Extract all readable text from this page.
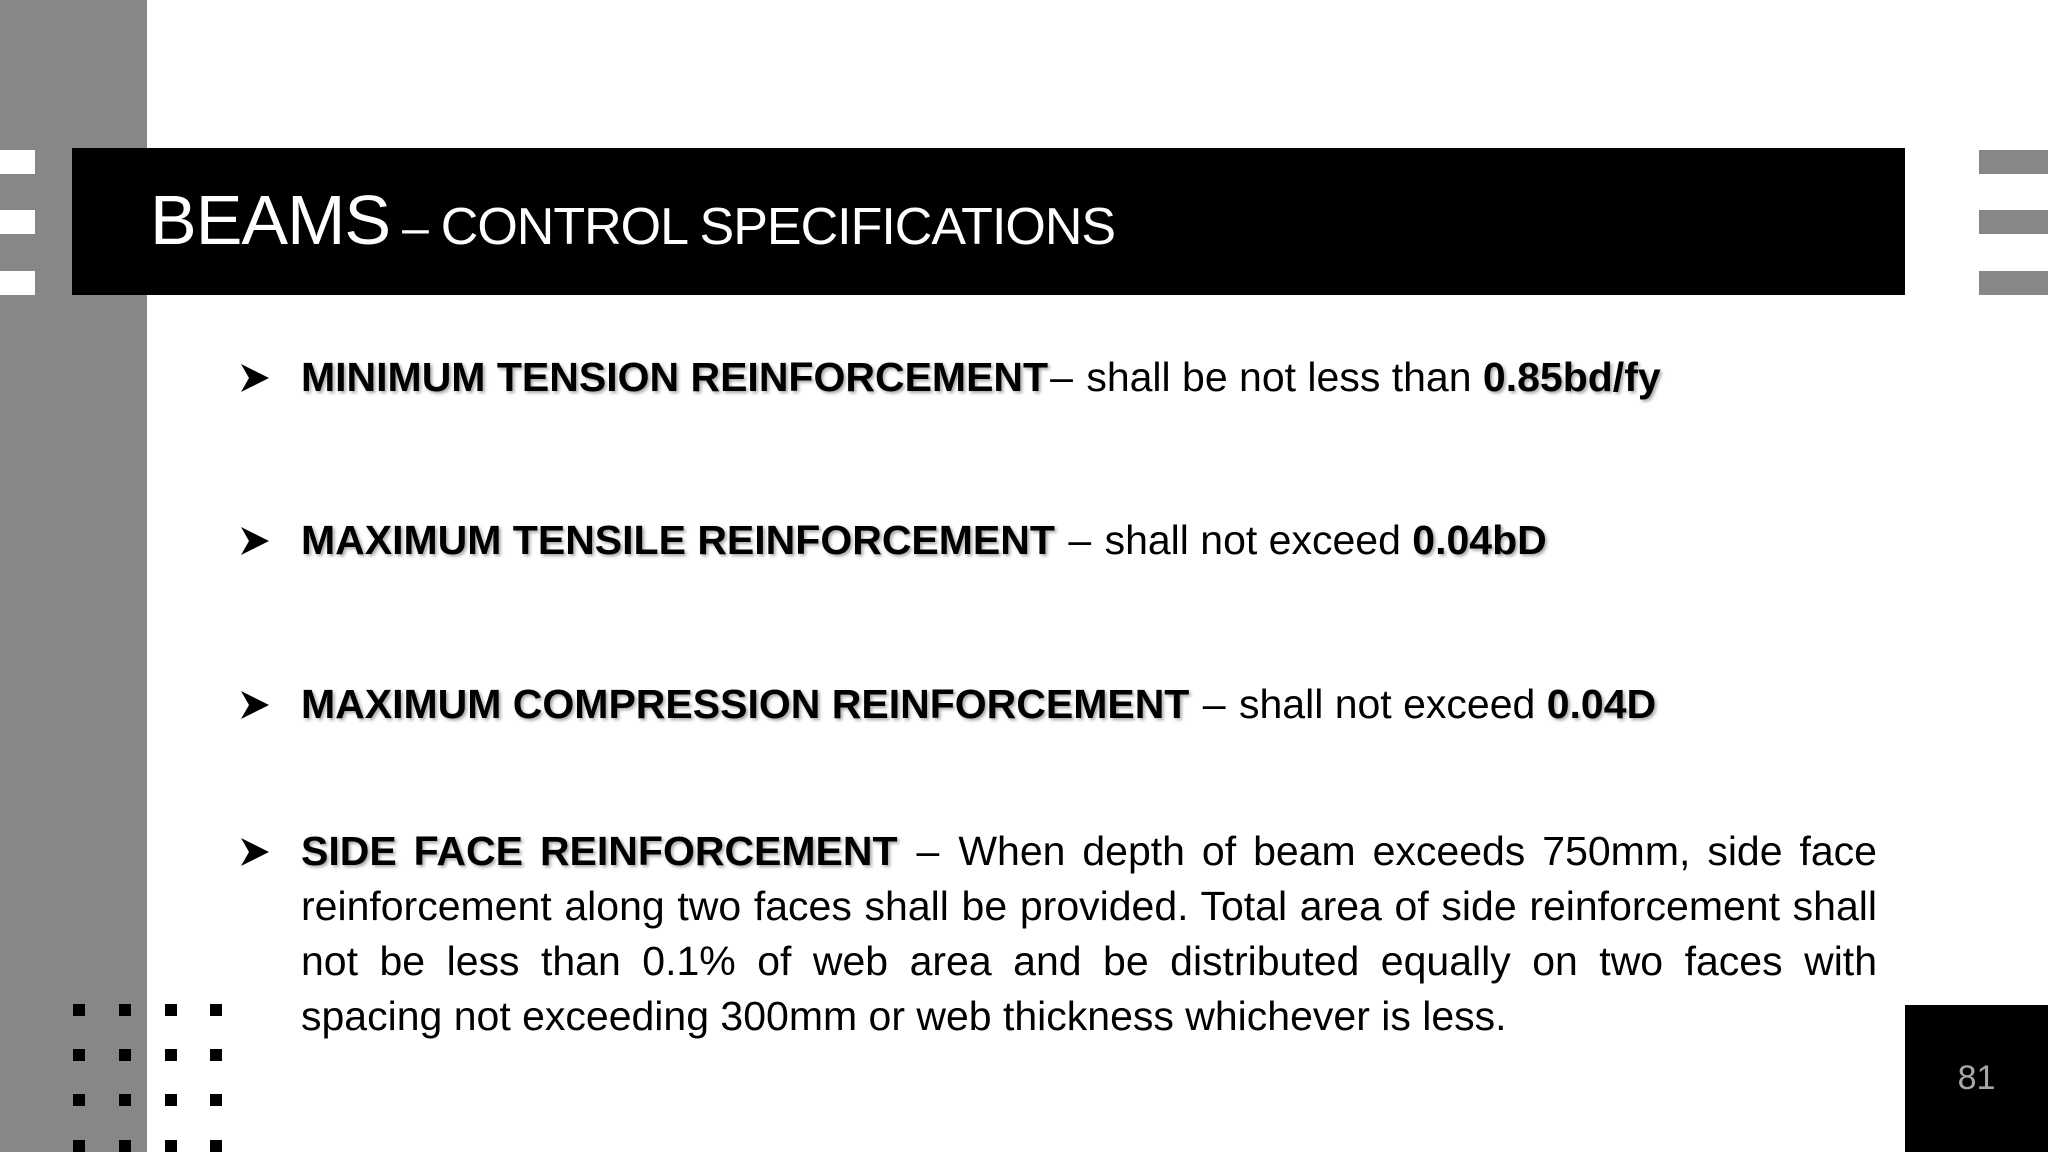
BEAMS – CONTROL SPECIFICATIONS
MINIMUM TENSION REINFORCEMENT– shall be not less than 0.85bd/fy
MAXIMUM TENSILE REINFORCEMENT – shall not exceed 0.04bD
MAXIMUM COMPRESSION REINFORCEMENT – shall not exceed 0.04D
SIDE FACE REINFORCEMENT – When depth of beam exceeds 750mm, side face reinforcement along two faces shall be provided. Total area of side reinforcement shall not be less than 0.1% of web area and be distributed equally on two faces with spacing not exceeding 300mm or web thickness whichever is less.
81
